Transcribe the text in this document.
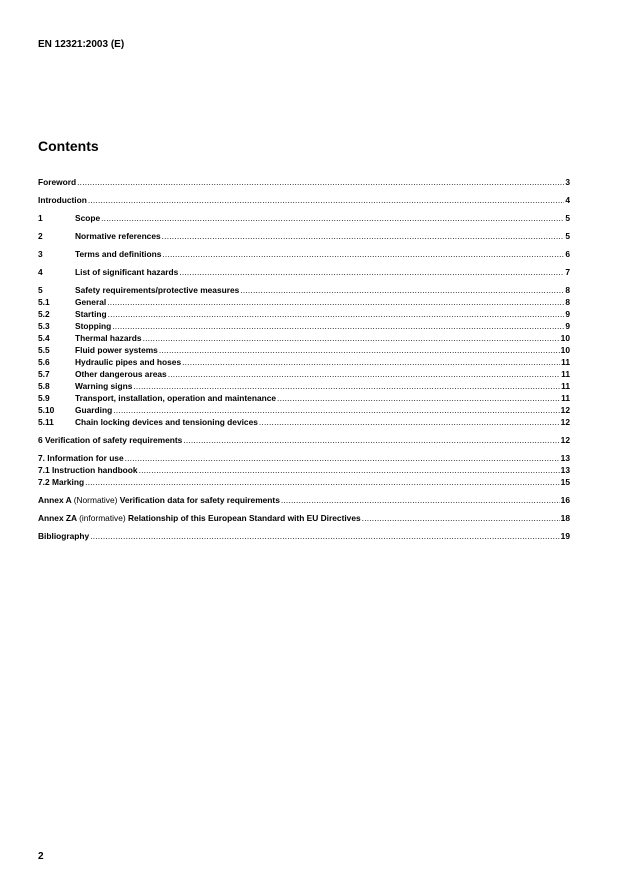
EN 12321:2003 (E)
Contents
Foreword .....	3
Introduction .....	4
1	Scope .....	5
2	Normative references .....	5
3	Terms and definitions .....	6
4	List of significant hazards .....	7
5	Safety requirements/protective measures .....	8
5.1	General .....	8
5.2	Starting .....	9
5.3	Stopping .....	9
5.4	Thermal hazards .....	10
5.5	Fluid power systems .....	10
5.6	Hydraulic pipes and hoses .....	11
5.7	Other dangerous areas .....	11
5.8	Warning signs .....	11
5.9	Transport, installation, operation and maintenance .....	11
5.10	Guarding .....	12
5.11	Chain locking devices and tensioning devices .....	12
6 Verification of safety requirements .....	12
7. Information for use .....	13
7.1 Instruction handbook .....	13
7.2 Marking .....	15
Annex A (Normative) Verification data for safety requirements .....	16
Annex ZA (informative) Relationship of this European Standard with EU Directives .....	18
Bibliography .....	19
2
